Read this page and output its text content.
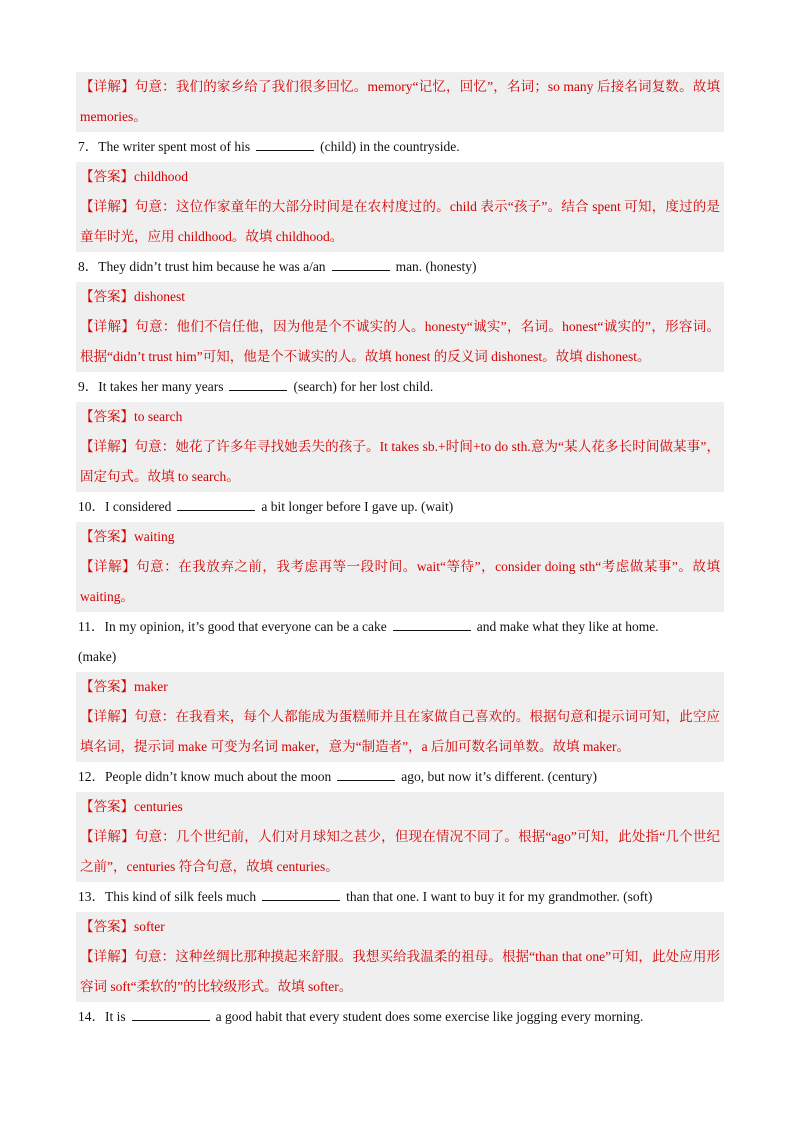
【详解】句意：我们的家乡给了我们很多回忆。memory“记忆，回忆”，名词；so many 后接名词复数。故填 memories。
7．The writer spent most of his	(child) in the countryside.
【答案】childhood
【详解】句意：这位作家童年的大部分时间是在农村度过的。child 表示“孩子”。结合 spent 可知，度过的是童年时光，应用 childhood。故填 childhood。
8．They didn’t trust him because he was a/an	man. (honesty)
【答案】dishonest
【详解】句意：他们不信任他，因为他是个不诚实的人。honesty“诚实”，名词。honest“诚实的”，形容词。根据“didn’t trust him”可知，他是个不诚实的人。故填 honest 的反义词 dishonest。故填 dishonest。
9．It takes her many years	(search) for her lost child.
【答案】to search
【详解】句意：她花了许多年寻找她丢失的孩子。It takes sb.+时间+to do sth.意为“某人花多长时间做某事”，固定句式。故填 to search。
10．I considered	a bit longer before I gave up. (wait)
【答案】waiting
【详解】句意：在我放弃之前，我考虑再等一段时间。wait“等待”，consider doing sth“考虑做某事”。故填 waiting。
11．In my opinion, it’s good that everyone can be a cake	and make what they like at home.
(make)
【答案】maker
【详解】句意：在我看来，每个人都能成为蛋糕师并且在家做自己喜欢的。根据句意和提示词可知，此空应填名词，提示词 make 可变为名词 maker，意为“制造者”，a 后加可数名词单数。故填 maker。
12．People didn’t know much about the moon	ago, but now it’s different. (century)
【答案】centuries
【详解】句意：几个世纪前，人们对月球知之甚少，但现在情况不同了。根据“ago”可知，此处指“几个世纪之前”，centuries 符合句意，故填 centuries。
13．This kind of silk feels much	than that one. I want to buy it for my grandmother. (soft)
【答案】softer
【详解】句意：这种丝绸比那种摸起来舒服。我想买给我温柔的祖母。根据“than that one”可知，此处应用形容词 soft“柔软的”的比较级形式。故填 softer。
14．It is	a good habit that every student does some exercise like jogging every morning.
